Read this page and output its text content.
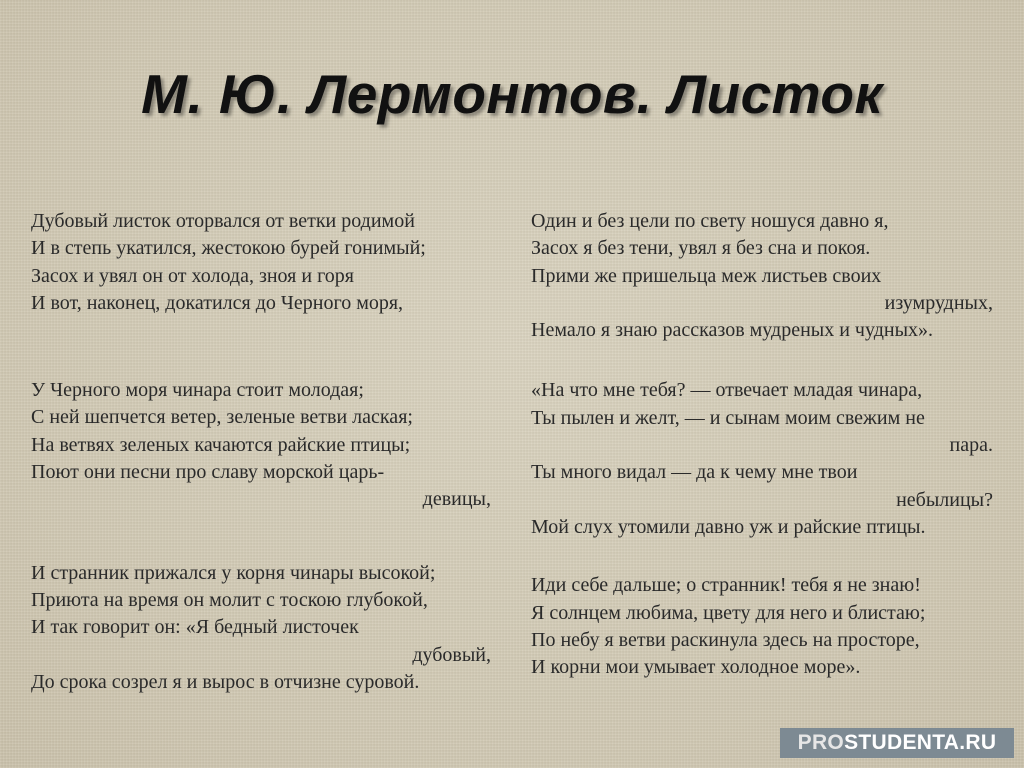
М. Ю. Лермонтов. Листок
Дубовый листок оторвался от ветки родимой
И в степь укатился, жестокою бурей гонимый;
Засох и увял он от холода, зноя и горя
И вот, наконец, докатился до Черного моря,
У Черного моря чинара стоит молодая;
С ней шепчется ветер, зеленые ветви лаская;
На ветвях зеленых качаются райские птицы;
Поют они песни про славу морской царь-
девицы,
И странник прижался у корня чинары высокой;
Приюта на время он молит с тоскою глубокой,
И так говорит он: «Я бедный листочек
дубовый,
До срока созрел я и вырос в отчизне суровой.
Один и без цели по свету ношуся давно я,
Засох я без тени, увял я без сна и покоя.
Прими же пришельца меж листьев своих
изумрудных,
Немало я знаю рассказов мудреных и чудных».
«На что мне тебя? — отвечает младая чинара,
Ты пылен и желт, — и сынам моим свежим не
пара.
Ты много видал — да к чему мне твои
небылицы?
Мой слух утомили давно уж и райские птицы.
Иди себе дальше; о странник! тебя я не знаю!
Я солнцем любима, цвету для него и блистаю;
По небу я ветви раскинула здесь на просторе,
И корни мои умывает холодное море».
PRO STUDENTA.RU
